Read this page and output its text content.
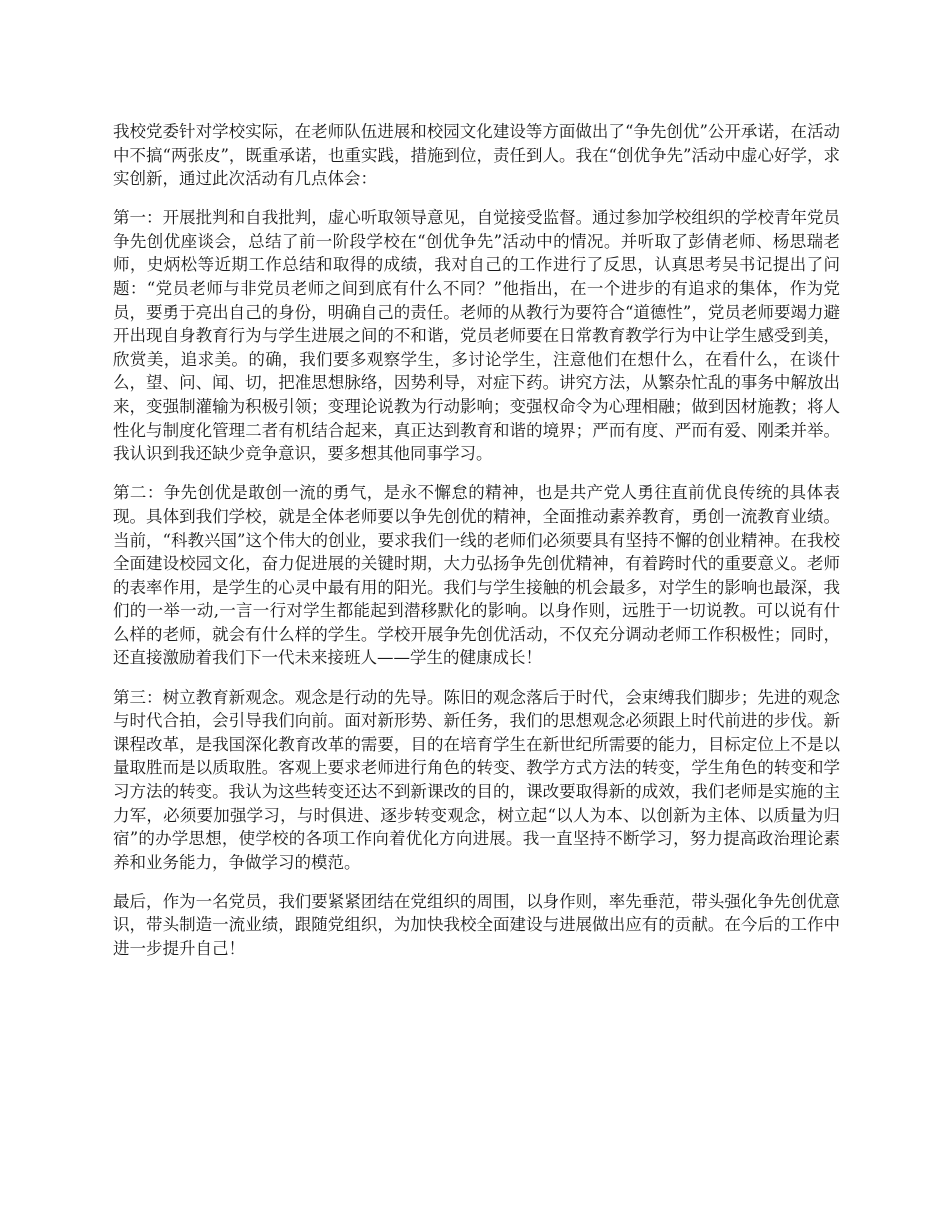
我校党委针对学校实际，在老师队伍进展和校园文化建设等方面做出了“争先创优”公开承诺，在活动中不搞“两张皮”，既重承诺，也重实践，措施到位，责任到人。我在“创优争先”活动中虚心好学，求实创新，通过此次活动有几点体会：

第一：开展批判和自我批判，虚心听取领导意见，自觉接受监督。通过参加学校组织的学校青年党员争先创优座谈会，总结了前一阶段学校在“创优争先”活动中的情况。并听取了彭倩老师、杨思瑞老师，史炳松等近期工作总结和取得的成绩，我对自己的工作进行了反思，认真思考吴书记提出了问题：“党员老师与非党员老师之间到底有什么不同？”他指出，在一个进步的有追求的集体，作为党员，要勇于亮出自己的身份，明确自己的责任。老师的从教行为要符合“道德性”，党员老师要竭力避开出现自身教育行为与学生进展之间的不和谐，党员老师要在日常教育教学行为中让学生感受到美，欣赏美，追求美。的确，我们要多观察学生，多讨论学生，注意他们在想什么，在看什么，在谈什么，望、问、闻、切，把准思想脉络，因势利导，对症下药。讲究方法，从繁杂忙乱的事务中解放出来，变强制灌输为积极引领；变理论说教为行动影响；变强权命令为心理相融；做到因材施教；将人性化与制度化管理二者有机结合起来，真正达到教育和谐的境界；严而有度、严而有爱、刚柔并举。我认识到我还缺少竞争意识，要多想其他同事学习。

第二：争先创优是敢创一流的勇气，是永不懈怠的精神，也是共产党人勇往直前优良传统的具体表现。具体到我们学校，就是全体老师要以争先创优的精神，全面推动素养教育，勇创一流教育业绩。当前，“科教兴国”这个伟大的创业，要求我们一线的老师们必须要具有坚持不懈的创业精神。在我校全面建设校园文化，奋力促进展的关键时期，大力弘扬争先创优精神，有着跨时代的重要意义。老师的表率作用，是学生的心灵中最有用的阳光。我们与学生接触的机会最多，对学生的影响也最深，我们的一举一动,一言一行对学生都能起到潜移默化的影响。以身作则，远胜于一切说教。可以说有什么样的老师，就会有什么样的学生。学校开展争先创优活动，不仅充分调动老师工作积极性；同时，还直接激励着我们下一代未来接班人——学生的健康成长！

第三：树立教育新观念。观念是行动的先导。陈旧的观念落后于时代，会束缚我们脚步；先进的观念与时代合拍，会引导我们向前。面对新形势、新任务，我们的思想观念必须跟上时代前进的步伐。新课程改革，是我国深化教育改革的需要，目的在培育学生在新世纪所需要的能力，目标定位上不是以量取胜而是以质取胜。客观上要求老师进行角色的转变、教学方式方法的转变，学生角色的转变和学习方法的转变。我认为这些转变还达不到新课改的目的，课改要取得新的成效，我们老师是实施的主力军，必须要加强学习，与时俱进、逐步转变观念，树立起“以人为本、以创新为主体、以质量为归宿”的办学思想，使学校的各项工作向着优化方向进展。我一直坚持不断学习，努力提高政治理论素养和业务能力，争做学习的模范。

最后，作为一名党员，我们要紧紧团结在党组织的周围，以身作则，率先垂范，带头强化争先创优意识，带头制造一流业绩，跟随党组织，为加快我校全面建设与进展做出应有的贡献。在今后的工作中进一步提升自己！
